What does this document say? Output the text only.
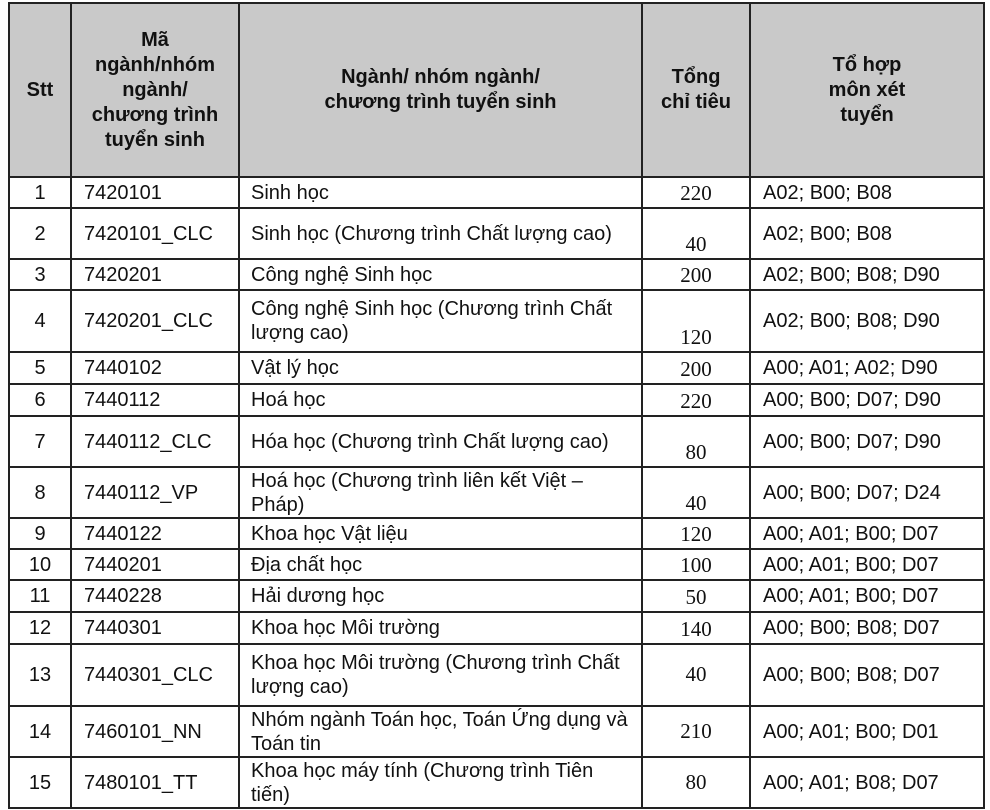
Stt	Mã ngành/nhóm ngành/ chương trình tuyển sinh	Ngành/ nhóm ngành/ chương trình tuyển sinh	Tổng chỉ tiêu	Tổ hợp môn xét tuyển
1	7420101	Sinh học	220	A02; B00; B08
2	7420101_CLC	Sinh học (Chương trình Chất lượng cao)	40	A02; B00; B08
3	7420201	Công nghệ Sinh học	200	A02; B00; B08; D90
4	7420201_CLC	Công nghệ Sinh học (Chương trình Chất lượng cao)	120	A02; B00; B08; D90
5	7440102	Vật lý học	200	A00; A01; A02; D90
6	7440112	Hoá học	220	A00; B00; D07; D90
7	7440112_CLC	Hóa học (Chương trình Chất lượng cao)	80	A00; B00; D07; D90
8	7440112_VP	Hoá học (Chương trình liên kết Việt – Pháp)	40	A00; B00; D07; D24
9	7440122	Khoa học Vật liệu	120	A00; A01; B00; D07
10	7440201	Địa chất học	100	A00; A01; B00; D07
11	7440228	Hải dương học	50	A00; A01; B00; D07
12	7440301	Khoa học Môi trường	140	A00; B00; B08; D07
13	7440301_CLC	Khoa học Môi trường (Chương trình Chất lượng cao)	40	A00; B00; B08; D07
14	7460101_NN	Nhóm ngành Toán học, Toán Ứng dụng và Toán tin	210	A00; A01; B00; D01
15	7480101_TT	Khoa học máy tính (Chương trình Tiên tiến)	80	A00; A01; B08; D07
